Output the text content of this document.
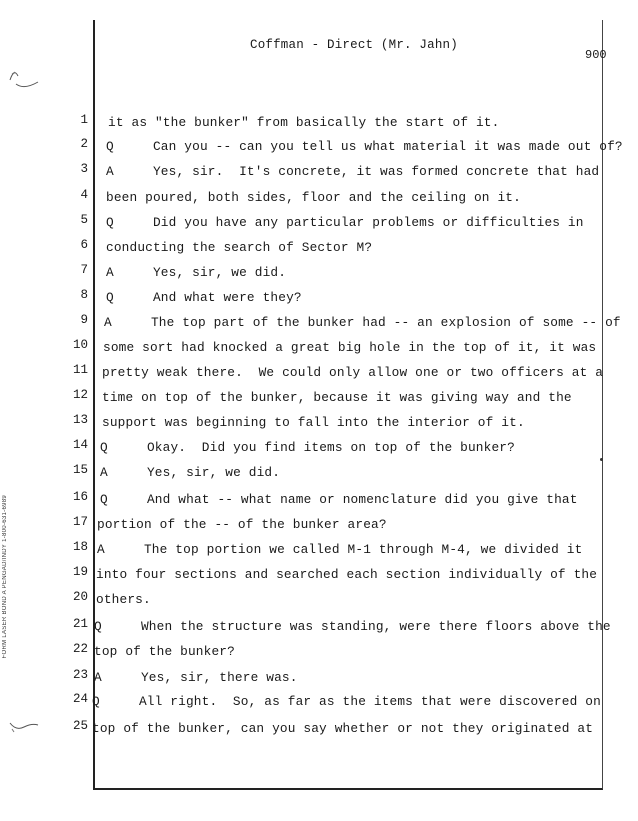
Coffman - Direct (Mr. Jahn)
900
FORM LASER BOND A PENGAD/INDY 1-800-631-6989
1 it as "the bunker" from basically the start of it.
2 Q     Can you -- can you tell us what material it was made out of?
3 A     Yes, sir.  It's concrete, it was formed concrete that had
4 been poured, both sides, floor and the ceiling on it.
5 Q     Did you have any particular problems or difficulties in
6 conducting the search of Sector M?
7 A     Yes, sir, we did.
8 Q     And what were they?
9 A     The top part of the bunker had -- an explosion of some -- of
10 some sort had knocked a great big hole in the top of it, it was
11 pretty weak there.  We could only allow one or two officers at a
12 time on top of the bunker, because it was giving way and the
13 support was beginning to fall into the interior of it.
14 Q     Okay.  Did you find items on top of the bunker?
15 A     Yes, sir, we did.
16 Q     And what -- what name or nomenclature did you give that
17 portion of the -- of the bunker area?
18 A     The top portion we called M-1 through M-4, we divided it
19 into four sections and searched each section individually of the
20 others.
21 Q     When the structure was standing, were there floors above the
22 top of the bunker?
23 A     Yes, sir, there was.
24 Q     All right.  So, as far as the items that were discovered on
25 top of the bunker, can you say whether or not they originated at
